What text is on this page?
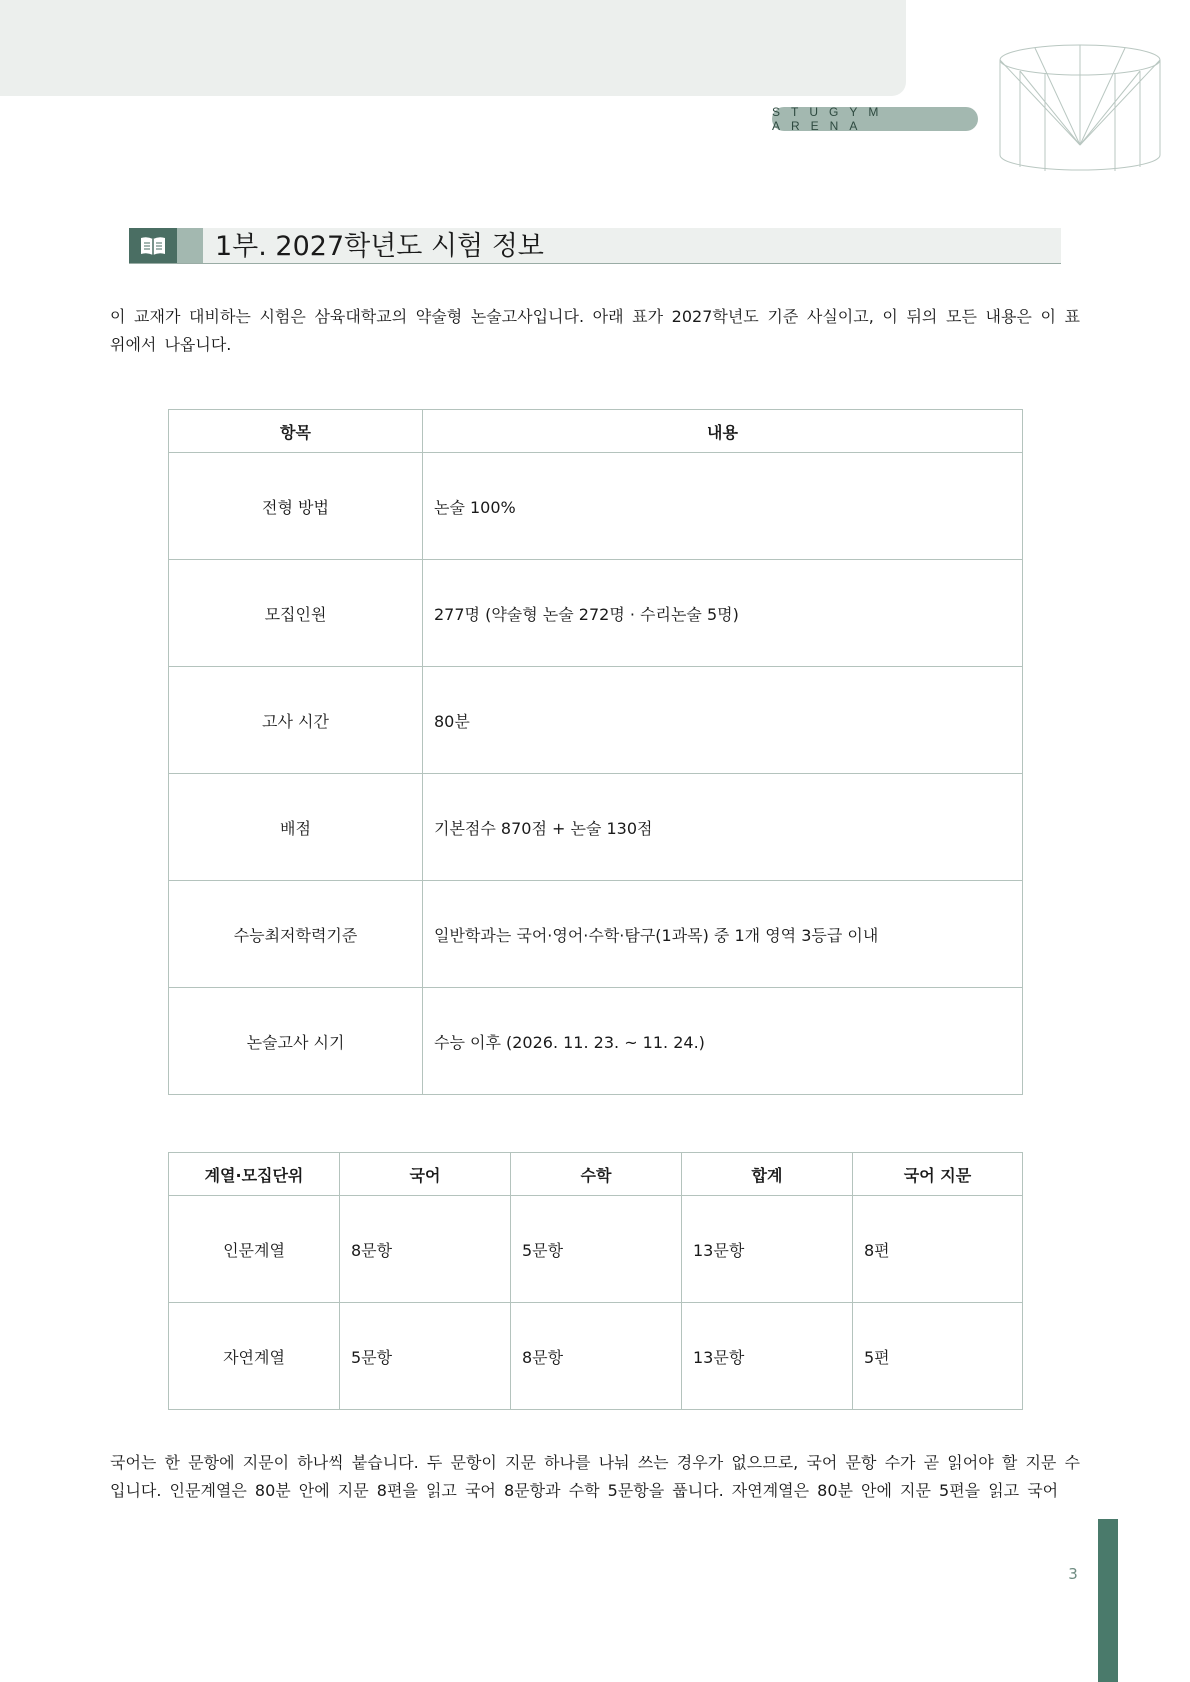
STUGYM ARENA
1부. 2027학년도 시험 정보
이 교재가 대비하는 시험은 삼육대학교의 약술형 논술고사입니다. 아래 표가 2027학년도 기준 사실이고, 이 뒤의 모든 내용은 이 표 위에서 나옵니다.
항목	내용
전형 방법	논술 100%
모집인원	277명 (약술형 논술 272명 · 수리논술 5명)
고사 시간	80분
배점	기본점수 870점 + 논술 130점
수능최저학력기준	일반학과는 국어·영어·수학·탐구(1과목) 중 1개 영역 3등급 이내
논술고사 시기	수능 이후 (2026. 11. 23. ~ 11. 24.)
계열·모집단위	국어	수학	합계	국어 지문
인문계열	8문항	5문항	13문항	8편
자연계열	5문항	8문항	13문항	5편
국어는 한 문항에 지문이 하나씩 붙습니다. 두 문항이 지문 하나를 나눠 쓰는 경우가 없으므로, 국어 문항 수가 곧 읽어야 할 지문 수입니다. 인문계열은 80분 안에 지문 8편을 읽고 국어 8문항과 수학 5문항을 풉니다. 자연계열은 80분 안에 지문 5편을 읽고 국어
3
